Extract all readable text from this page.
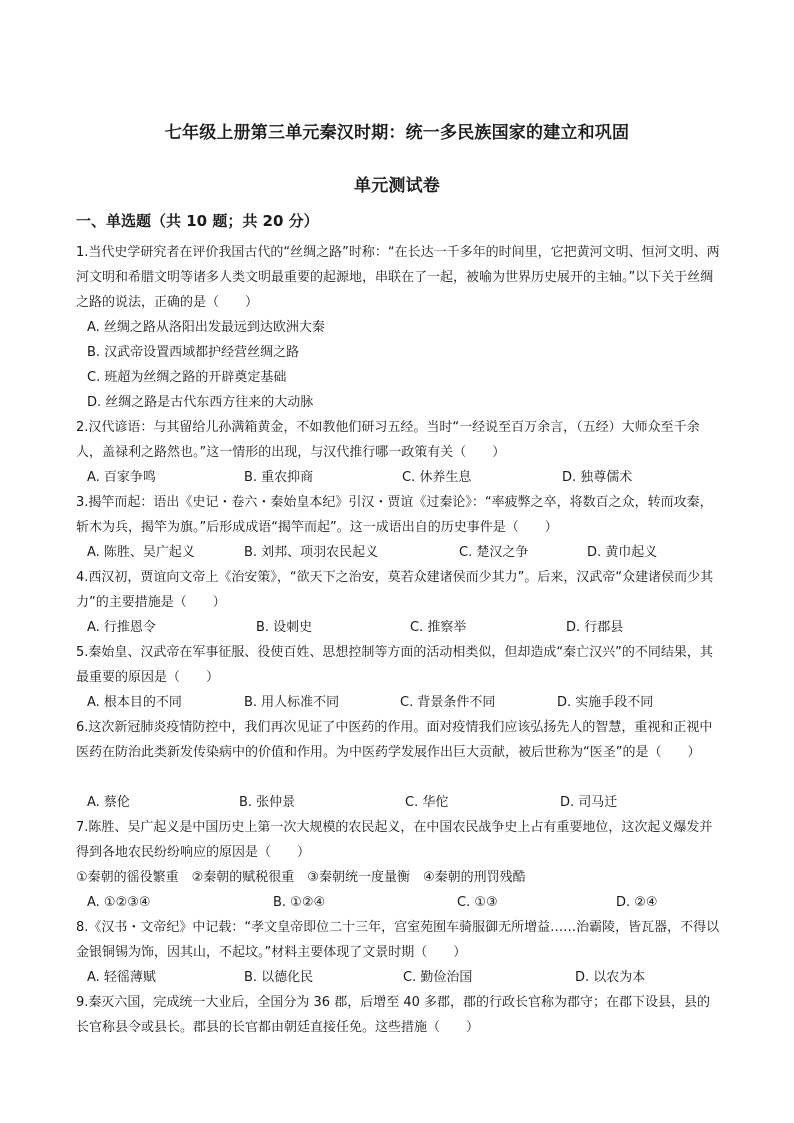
七年级上册第三单元秦汉时期：统一多民族国家的建立和巩固
单元测试卷
一、单选题（共 10 题；共 20 分）
1.当代史学研究者在评价我国古代的“丝绸之路”时称：“在长达一千多年的时间里，它把黄河文明、恒河文明、两河文明和希腊文明等诸多人类文明最重要的起源地，串联在了一起，被喻为世界历史展开的主轴。”以下关于丝绸之路的说法，正确的是（　　）
A. 丝绸之路从洛阳出发最远到达欧洲大秦
B. 汉武帝设置西域都护经营丝绸之路
C. 班超为丝绸之路的开辟奠定基础
D. 丝绸之路是古代东西方往来的大动脉
2.汉代谚语：与其留给儿孙满箱黄金，不如教他们研习五经。当时“一经说至百万余言，（五经）大师众至千余人，盖禄利之路然也。”这一情形的出现，与汉代推行哪一政策有关（　　）
A. 百家争鸣	B. 重农抑商	C. 休养生息	D. 独尊儒术
3.揭竿而起：语出《史记・卷六・秦始皇本纪》引汉・贾谊《过秦论》：“率疲弊之卒，将数百之众，转而攻秦，斩木为兵，揭竿为旗。”后形成成语“揭竿而起”。这一成语出自的历史事件是（　　）
A. 陈胜、吴广起义	B. 刘邦、项羽农民起义	C. 楚汉之争	D. 黄巾起义
4.西汉初，贾谊向文帝上《治安策》，“欲天下之治安，莫若众建诸侯而少其力”。后来，汉武帝“众建诸侯而少其力”的主要措施是（　　）
A. 行推恩令	B. 设刺史	C. 推察举	D. 行郡县
5.秦始皇、汉武帝在军事征服、役使百姓、思想控制等方面的活动相类似，但却造成“秦亡汉兴”的不同结果，其最重要的原因是（　　）
A. 根本目的不同	B. 用人标准不同	C. 背景条件不同	D. 实施手段不同
6.这次新冠肺炎疫情防控中，我们再次见证了中医药的作用。面对疫情我们应该弘扬先人的智慧，重视和正视中医药在防治此类新发传染病中的价值和作用。为中医药学发展作出巨大贡献，被后世称为“医圣”的是（　　）
A. 蔡伦	B. 张仲景	C. 华佗	D. 司马迁
7.陈胜、吴广起义是中国历史上第一次大规模的农民起义，在中国农民战争史上占有重要地位，这次起义爆发并得到各地农民纷纷响应的原因是（　　）
①秦朝的徭役繁重　②秦朝的赋税很重　③秦朝统一度量衡　④秦朝的刑罚残酷
A. ①②③④	B. ①②④	C. ①③	D. ②④
8.《汉书・文帝纪》中记载：“孝文皇帝即位二十三年，宫室苑囿车骑服御无所增益……治霸陵，皆瓦器，不得以金银铜锡为饰，因其山，不起坟。”材料主要体现了文景时期（　　）
A. 轻徭薄赋	B. 以德化民	C. 勤俭治国	D. 以农为本
9.秦灭六国，完成统一大业后，全国分为 36 郡，后增至 40 多郡，郡的行政长官称为郡守；在郡下设县，县的长官称县令或县长。郡县的长官都由朝廷直接任免。这些措施（　　）
